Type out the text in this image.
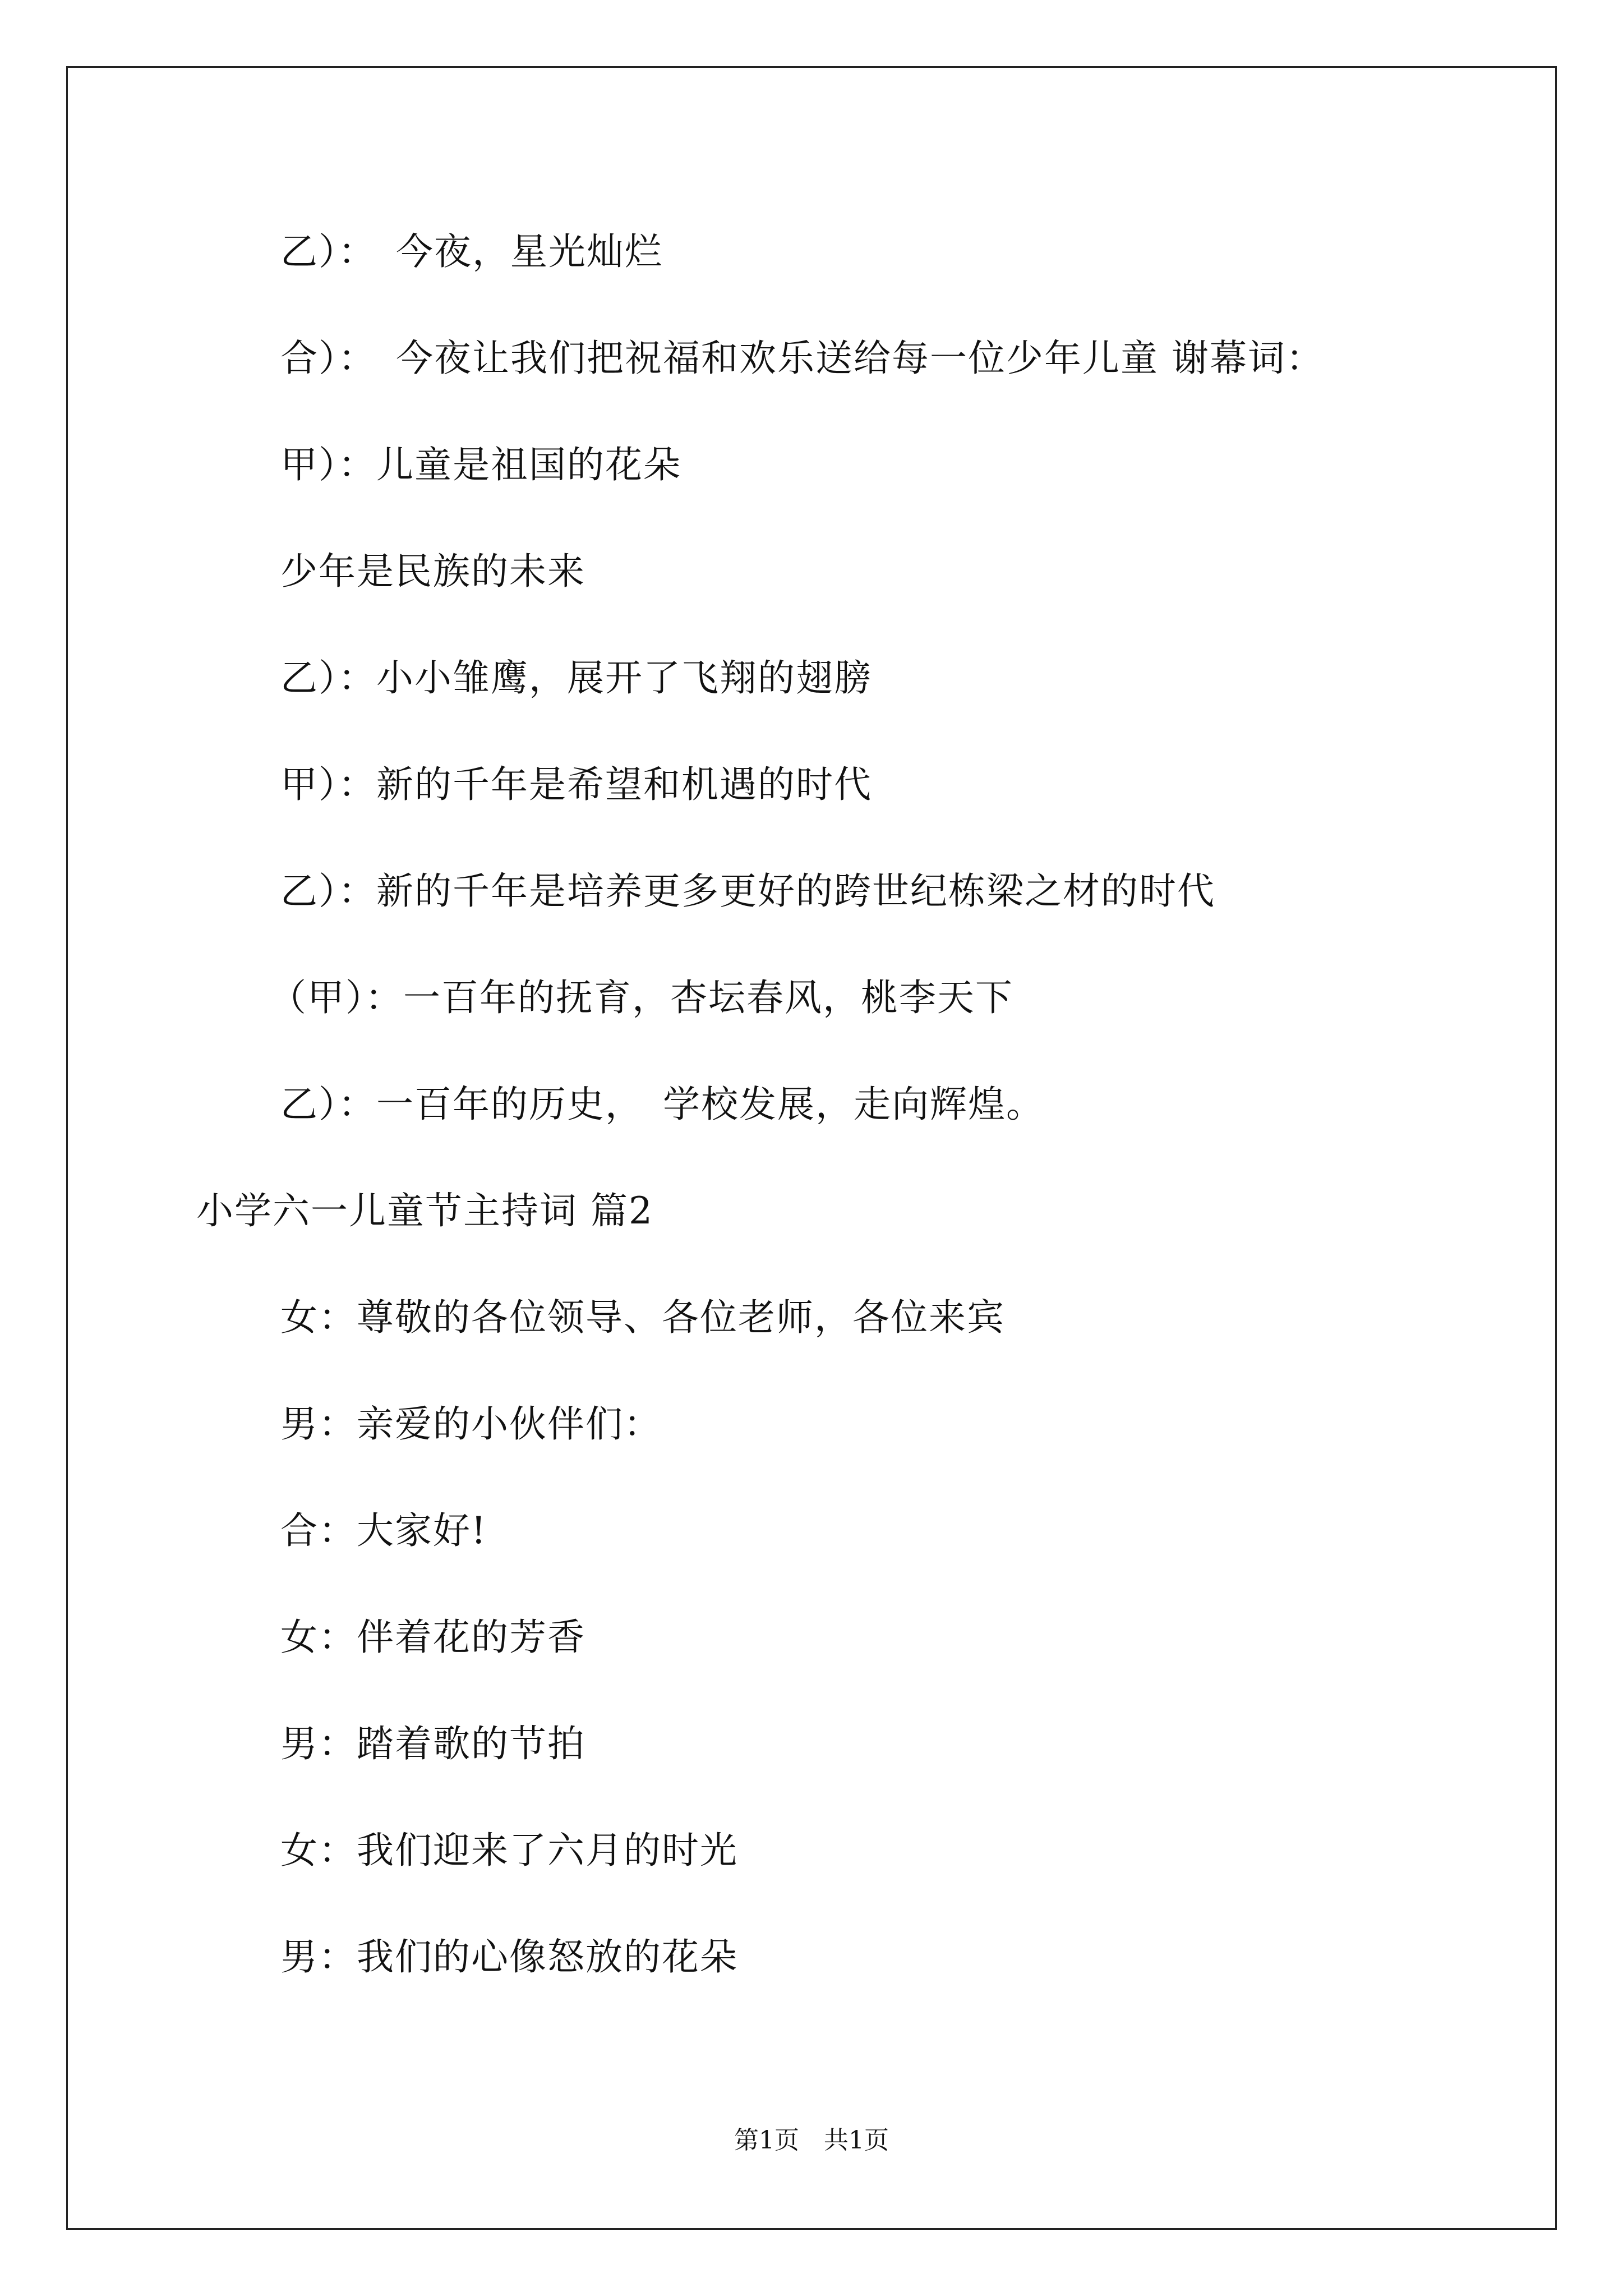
乙）：　今夜，星光灿烂
合）：　今夜让我们把祝福和欢乐送给每一位少年儿童 谢幕词：
甲）：儿童是祖国的花朵
少年是民族的未来
乙）：小小雏鹰，展开了飞翔的翅膀
甲）：新的千年是希望和机遇的时代
乙）：新的千年是培养更多更好的跨世纪栋梁之材的时代
（甲）：一百年的抚育，杏坛春风，桃李天下
乙）：一百年的历史，　学校发展，走向辉煌。
小学六一儿童节主持词 篇2
女：尊敬的各位领导、各位老师，各位来宾
男：亲爱的小伙伴们：
合：大家好!
女：伴着花的芳香
男：踏着歌的节拍
女：我们迎来了六月的时光
男：我们的心像怒放的花朵
第1页　共1页
